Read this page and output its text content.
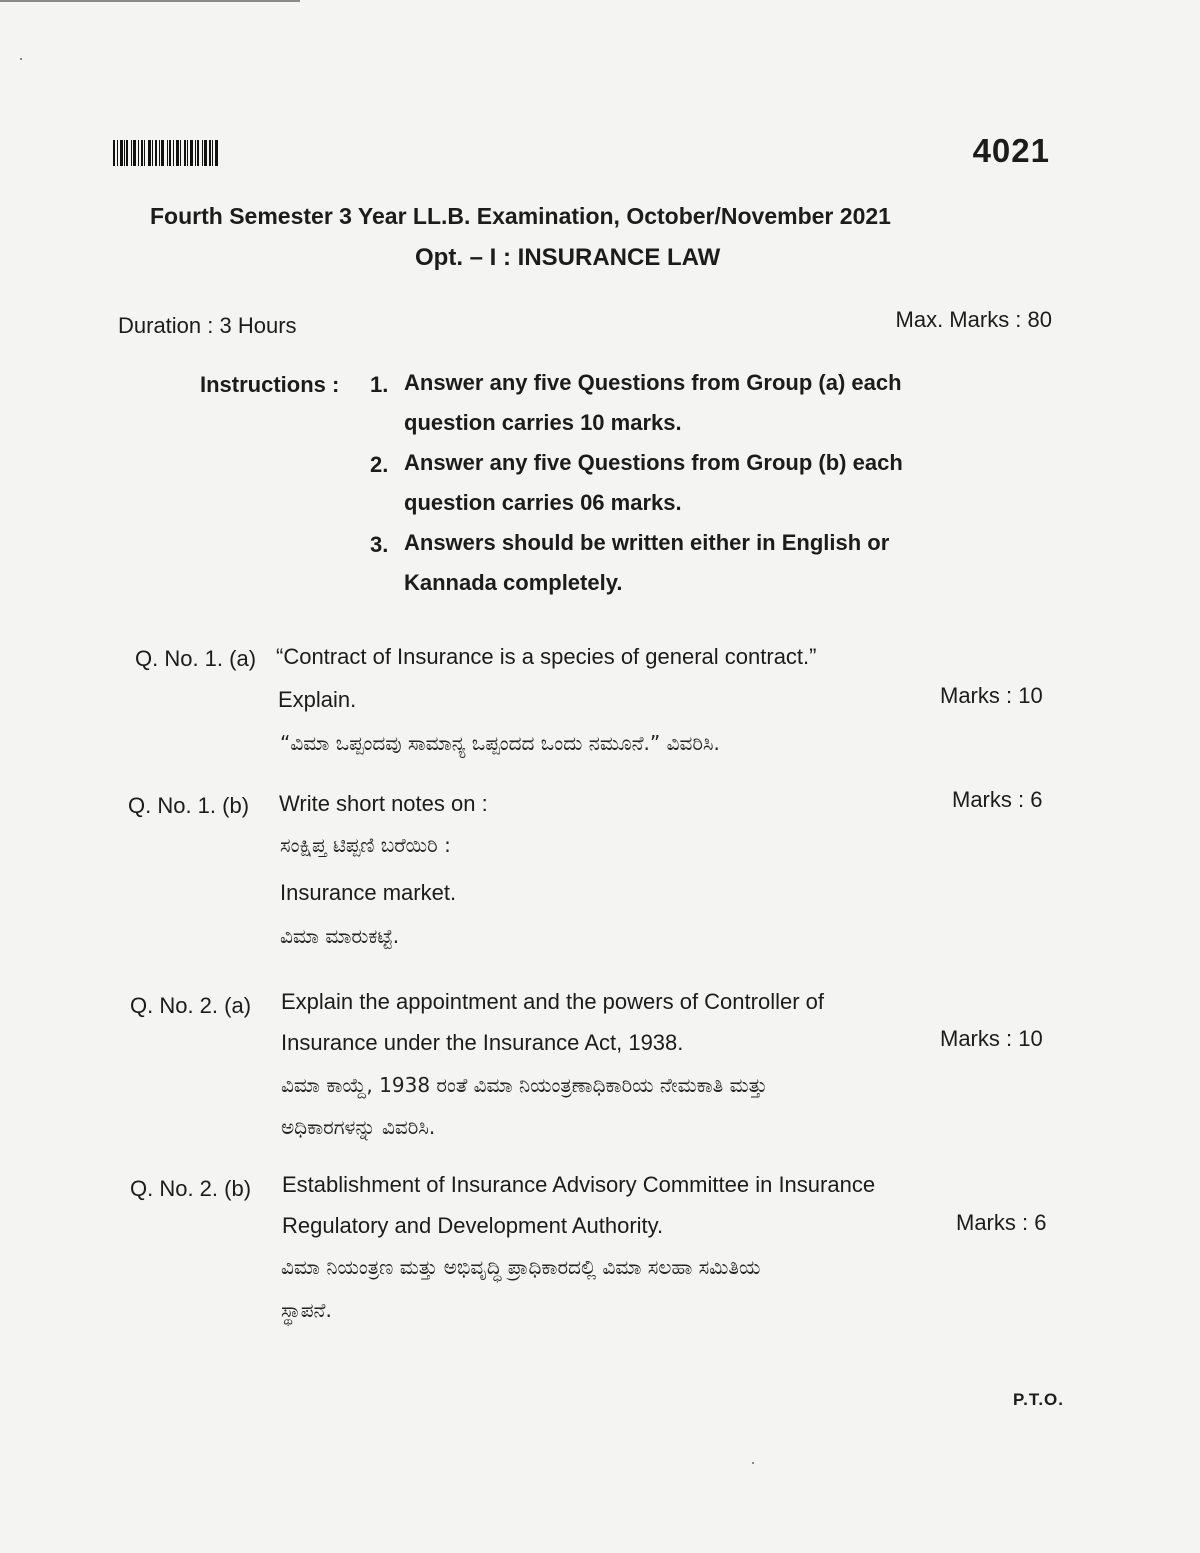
4021
Fourth Semester 3 Year LL.B. Examination, October/November 2021
Opt. – I : INSURANCE LAW
Duration : 3 Hours	Max. Marks : 80
Instructions : 1. Answer any five Questions from Group (a) each question carries 10 marks.
2. Answer any five Questions from Group (b) each question carries 06 marks.
3. Answers should be written either in English or Kannada completely.
Q. No. 1. (a) “Contract of Insurance is a species of general contract.”
Explain.	Marks : 10
“ವಿಮಾ ಒಪ್ಪಂದವು ಸಾಮಾನ್ಯ ಒಪ್ಪಂದದ ಒಂದು ನಮೂನೆ.” ವಿವರಿಸಿ.
Q. No. 1. (b) Write short notes on :	Marks : 6
ಸಂಕ್ಷಿಪ್ತ ಟಿಪ್ಪಣಿ ಬರೆಯಿರಿ :
Insurance market.
ವಿಮಾ ಮಾರುಕಟ್ಟೆ.
Q. No. 2. (a) Explain the appointment and the powers of Controller of
Insurance under the Insurance Act, 1938.	Marks : 10
ವಿಮಾ ಕಾಯ್ದೆ, 1938 ರಂತೆ ವಿಮಾ ನಿಯಂತ್ರಣಾಧಿಕಾರಿಯ ನೇಮಕಾತಿ ಮತ್ತು
ಅಧಿಕಾರಗಳನ್ನು ವಿವರಿಸಿ.
Q. No. 2. (b) Establishment of Insurance Advisory Committee in Insurance
Regulatory and Development Authority.	Marks : 6
ವಿಮಾ ನಿಯಂತ್ರಣ ಮತ್ತು ಅಭಿವೃದ್ಧಿ ಪ್ರಾಧಿಕಾರದಲ್ಲಿ ವಿಮಾ ಸಲಹಾ ಸಮಿತಿಯ
ಸ್ಥಾಪನೆ.
P.T.O.
